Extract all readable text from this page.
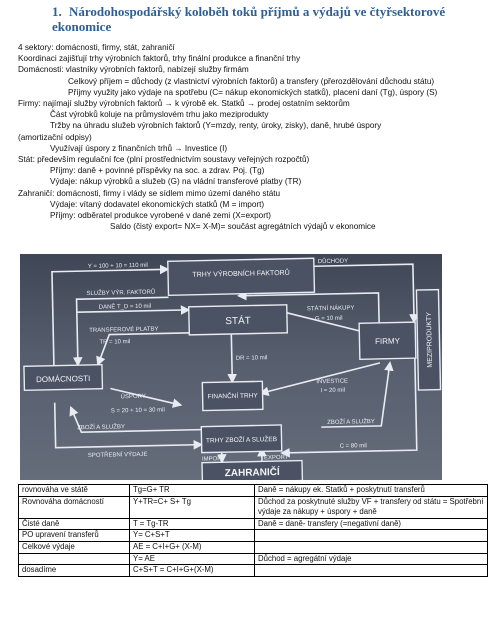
1. Národohospodářský koloběh toků příjmů a výdajů ve čtyřsektorové ekonomice
4 sektory: domácnosti, firmy, stát, zahraničí
Koordinaci zajišťují trhy výrobních faktorů, trhy finální produkce a finanční trhy
Domácnosti: vlastníky výrobních faktorů, nabízejí služby firmám
Celkový příjem = důchody (z vlastnictví výrobních faktorů) a transfery (přerozdělování důchodu státu)
Příjmy využity jako výdaje na spotřebu (C= nákup ekonomických statků), placení daní (Tg), úspory (S)
Firmy: najímají služby výrobních faktorů → k výrobě ek. Statků → prodej ostatním sektorům
Část výrobků koluje na průmyslovém trhu jako meziprodukty
Tržby na úhradu služeb výrobních faktorů (Y=mzdy, renty, úroky, zisky), daně, hrubé úspory
(amortizační odpisy)
Využívají úspory z finančních trhů → Investice (I)
Stát: především regulační fce (plní prostřednictvím soustavy veřejných rozpočtů)
Příjmy: daně + povinné příspěvky na soc. a zdrav. Poj. (Tg)
Výdaje: nákup výrobků a služeb (G) na vládní transferové platby (TR)
Zahraničí: domácnosti, firmy i vlády se sídlem mimo území daného státu
Výdaje: vítaný dodavatel ekonomických statků (M = import)
Příjmy: odběratel produkce vyrobené v dané zemi (X=export)
Saldo (čistý export= NX= X-M)= součást agregátních výdajů v ekonomice
TRHY VÝROBNÍCH FAKTORŮ
STÁT
FIRMY
DOMÁCNOSTI
FINANČNÍ TRHY
TRHY ZBOŽÍ A SLUŽEB
ZAHRANIČÍ
MEZIPRODUKTY
Y = 100 + 10 = 110 mil
DŮCHODY
SLUŽBY VÝR. FAKTORŮ
DANĚ T_D = 10 mil	STÁTNÍ NÁKUPY
G = 10 mil
TRANSFEROVÉ PLATBY
TR = 10 mil
DR = 10 mil
ÚSPORY
S = 20 + 10 = 30 mil
INVESTICE
I = 20 mil
ZBOŽÍ A SLUŽBY
ZBOŽÍ A SLUŽBY
SPOTŘEBNÍ VÝDAJE
IMPORT	EXPORT
C = 80 mil
rovnováha ve státě	Tg=G+ TR	Daně = nákupy ek. Statků + poskytnutí transferů
Rovnováha domácností	Y+TR=C+ S+ Tg	Důchod za poskytnuté služby VF + transfery od státu = Spotřební výdaje za nákupy + úspory + daně
Čisté daně	T = Tg-TR	Daně = daně- transfery (=negativní daně)
PO upravení transferů	Y= C+S+T	
Celkové výdaje	AE = C+I+G+ (X-M)	
	Y= AE	Důchod = agregátní výdaje
dosadíme	C+S+T = C+I+G+(X-M)	
